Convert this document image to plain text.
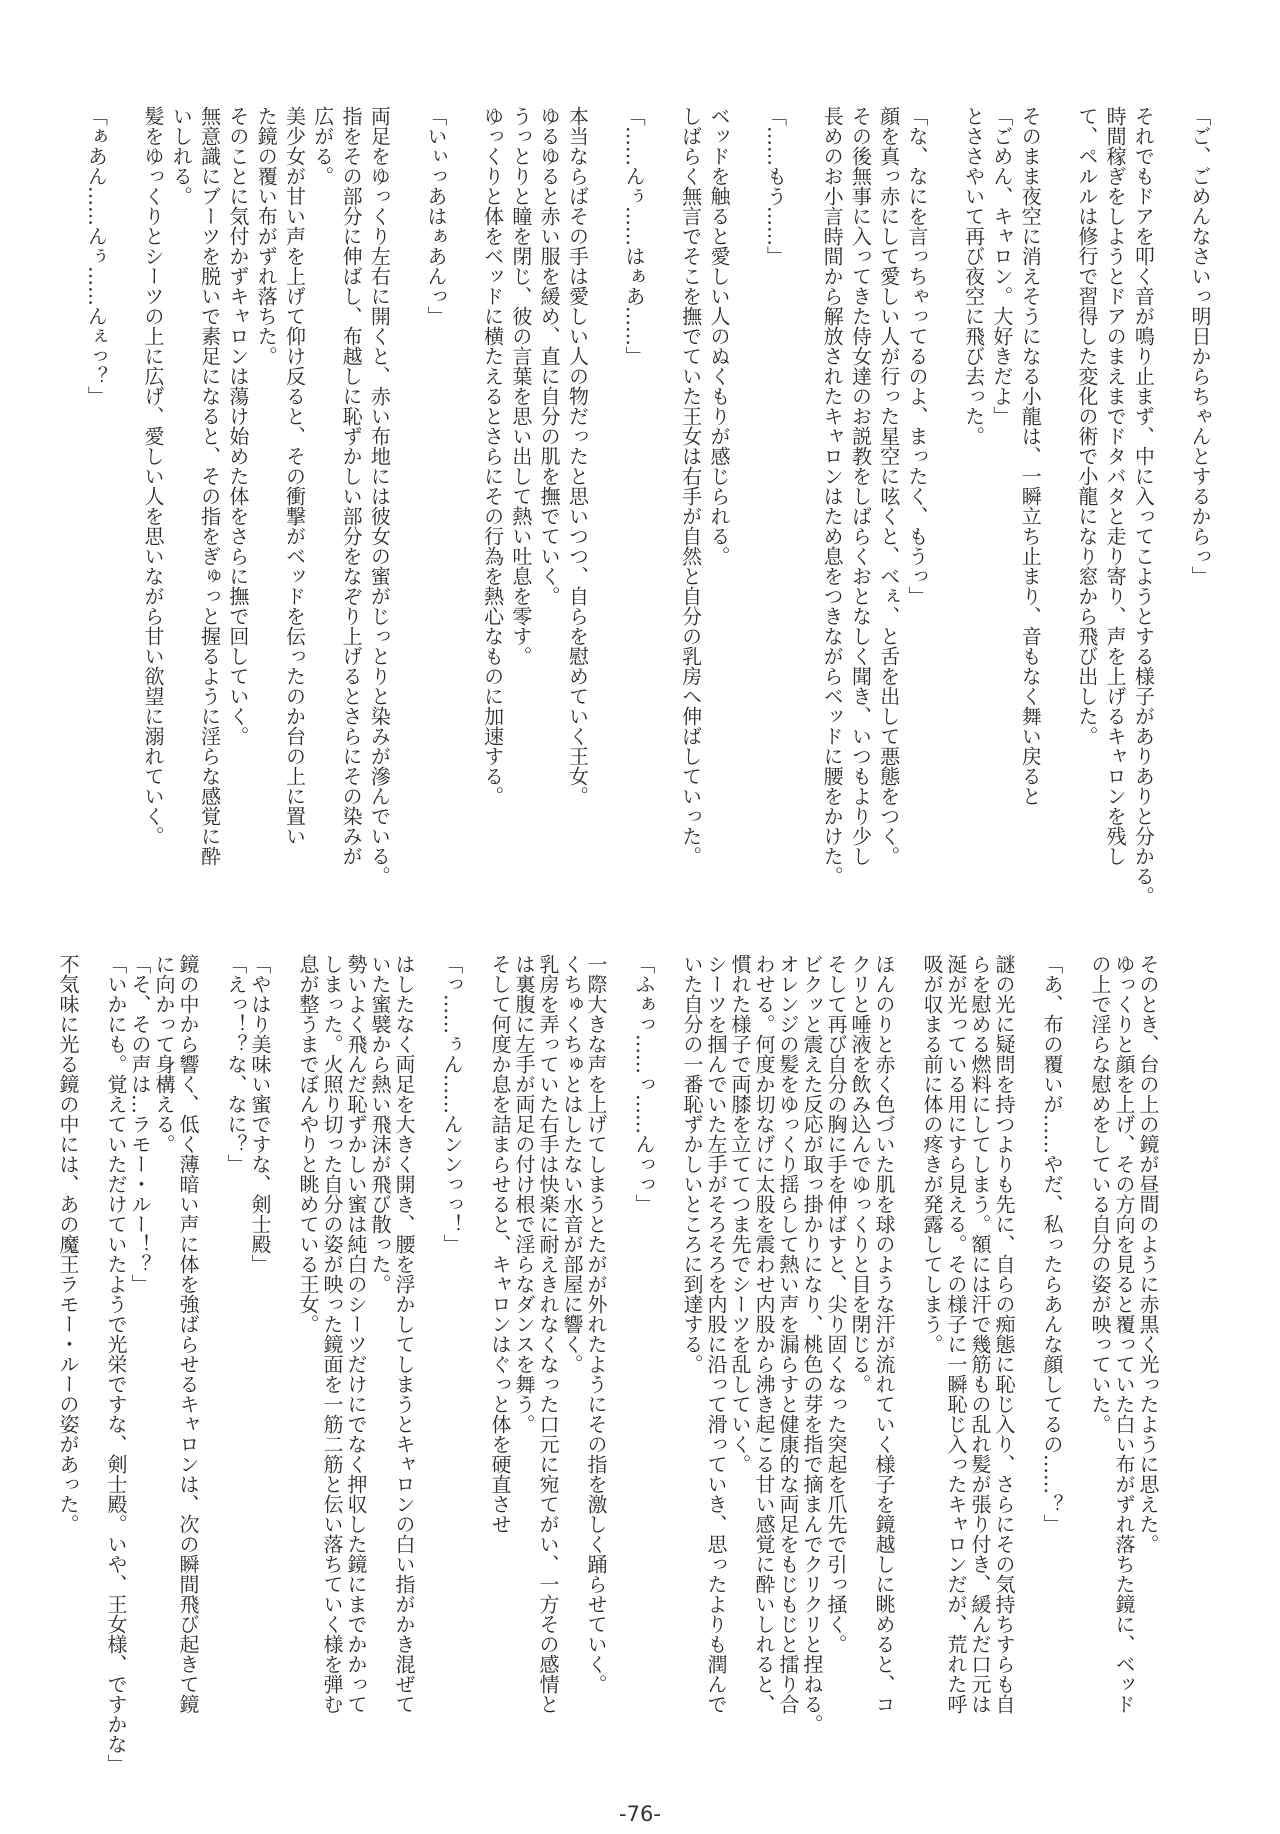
「ご、ごめんなさいっ明日からちゃんとするからっ」
それでもドアを叩く音が鳴り止まず、中に入ってこようとする様子がありありと分かる。
時間稼ぎをしようとドアのまえまでドタバタと走り寄り、声を上げるキャロンを残し
て、ペルルは修行で習得した変化の術で小龍になり窓から飛び出した。
そのまま夜空に消えそうになる小龍は、一瞬立ち止まり、音もなく舞い戻ると
「ごめん、キャロン。大好きだよ」
とささやいて再び夜空に飛び去った。
「な、なにを言っちゃってるのよ、まったく、もうっ」
顔を真っ赤にして愛しい人が行った星空に呟くと、べぇ、と舌を出して悪態をつく。
その後無事に入ってきた侍女達のお説教をしばらくおとなしく聞き、いつもより少し
長めのお小言時間から解放されたキャロンはため息をつきながらベッドに腰をかけた。
「……もう……」
ベッドを触ると愛しい人のぬくもりが感じられる。
しばらく無言でそこを撫でていた王女は右手が自然と自分の乳房へ伸ばしていった。
「……んぅ……はぁあ……」
本当ならばその手は愛しい人の物だったと思いつつ、自らを慰めていく王女。
ゆるゆると赤い服を緩め、直に自分の肌を撫でていく。
うっとりと瞳を閉じ、彼の言葉を思い出して熱い吐息を零す。
ゆっくりと体をベッドに横たえるとさらにその行為を熱心なものに加速する。
「いぃっあはぁあんっ」
両足をゆっくり左右に開くと、赤い布地には彼女の蜜がじっとりと染みが滲んでいる。
指をその部分に伸ばし、布越しに恥ずかしい部分をなぞり上げるとさらにその染みが
広がる。
美少女が甘い声を上げて仰け反ると、その衝撃がベッドを伝ったのか台の上に置い
た鏡の覆い布がずれ落ちた。
そのことに気付かずキャロンは蕩け始めた体をさらに撫で回していく。
無意識にブーツを脱いで素足になると、その指をぎゅっと握るように淫らな感覚に酔
いしれる。
髪をゆっくりとシーツの上に広げ、愛しい人を思いながら甘い欲望に溺れていく。
「ぁあん……んぅ……んぇっ？」
そのとき、台の上の鏡が昼間のように赤黒く光ったように思えた。
ゆっくりと顔を上げ、その方向を見ると覆っていた白い布がずれ落ちた鏡に、ベッド
の上で淫らな慰めをしている自分の姿が映っていた。
「あ、布の覆いが……やだ、私ったらあんな顔してるの……？」
謎の光に疑問を持つよりも先に、自らの痴態に恥じ入り、さらにその気持ちすらも自
らを慰める燃料にしてしまう。額には汗で幾筋もの乱れ髪が張り付き、緩んだ口元は
涎が光っている用にすら見える。その様子に一瞬恥じ入ったキャロンだが、荒れた呼
吸が収まる前に体の疼きが発露してしまう。
ほんのりと赤く色づいた肌を球のような汗が流れていく様子を鏡越しに眺めると、コ
クリと唾液を飲み込んでゆっくりと目を閉じる。
そして再び自分の胸に手を伸ばすと、尖り固くなった突起を爪先で引っ掻く。
ビクッと震えた反応が取っ掛かりになり、桃色の芽を指で摘まんでクリクリと捏ねる。
オレンジの髪をゆっくり揺らして熱い声を漏らすと健康的な両足をもじもじと擂り合
わせる。何度か切なげに太股を震わせ内股から沸き起こる甘い感覚に酔いしれると、
慣れた様子で両膝を立ててつま先でシーツを乱していく。
シーツを掴んでいた左手がそろそろを内股に沿って滑っていき、思ったよりも潤んで
いた自分の一番恥ずかしいところに到達する。
「ふぁっ……っ……んっっ」
一際大きな声を上げてしまうとたがが外れたようにその指を激しく踊らせていく。
くちゅくちゅとはしたない水音が部屋に響く。
乳房を弄っていた右手は快楽に耐えきれなくなった口元に宛てがい、一方その感情と
は裏腹に左手が両足の付け根で淫らなダンスを舞う。
そして何度か息を詰まらせると、キャロンはぐっと体を硬直させ
「っ……ぅん……んンンっっ！」
はしたなく両足を大きく開き、腰を浮かしてしまうとキャロンの白い指がかき混ぜて
いた蜜襞から熱い飛沫が飛び散った。
勢いよく飛んだ恥ずかしい蜜は純白のシーツだけにでなく押収した鏡にまでかかって
しまった。火照り切った自分の姿が映った鏡面を一筋二筋と伝い落ちていく様を弾む
息が整うまでぼんやりと眺めている王女。
「やはり美味い蜜ですな、剣士殿」
「えっ！？な、なに？」
鏡の中から響く、低く薄暗い声に体を強ばらせるキャロンは、次の瞬間飛び起きて鏡
に向かって身構える。
「そ、その声は…ラモー・ルー！？」
「いかにも。覚えていただけていたようで光栄ですな、剣士殿。いや、王女様、ですかな」
不気味に光る鏡の中には、あの魔王ラモー・ルーの姿があった。
-76-
